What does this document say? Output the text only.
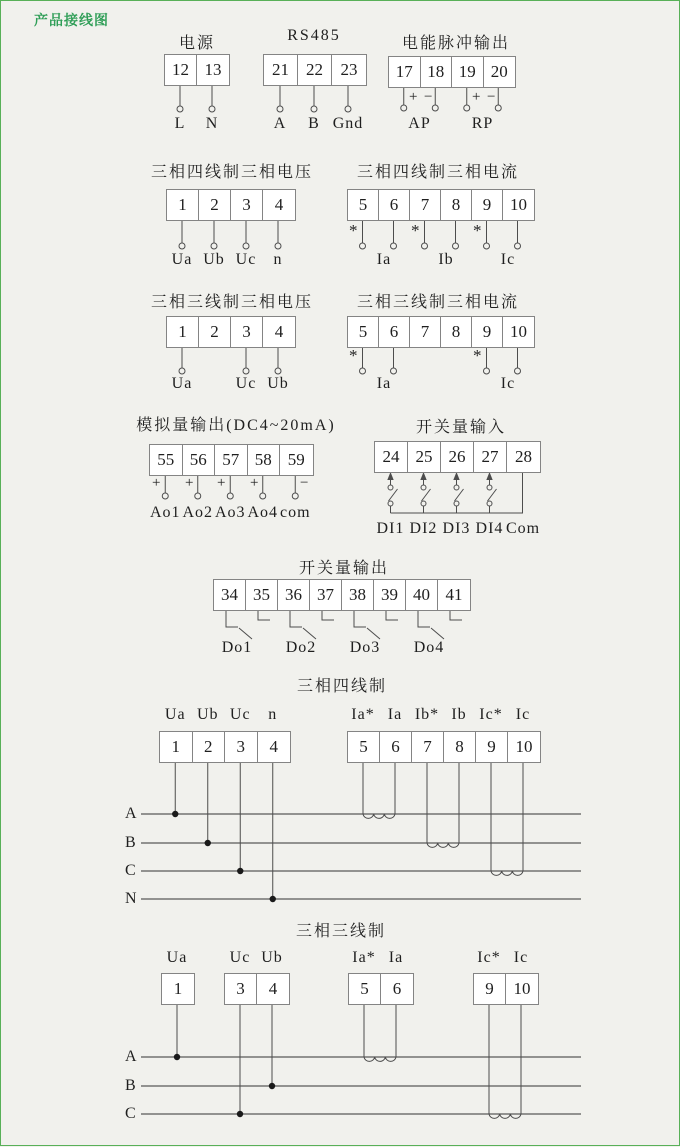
产品接线图
电源
12 13
L	N
RS485
21	22	23
A	B Gnd
电能脉冲输出
17 18 19 20
+ −	+ −
AP	RP
三相四线制三相电压
1	2	3	4
Ua Ub Uc	n
三相四线制三相电流
5	6	7	8	9	10
*	*	*
Ia	Ib	Ic
三相三线制三相电压
1	2	3	4
Ua	Uc Ub
三相三线制三相电流
5	6	7	8	9	10
*	*
Ia	Ic
模拟量输出(DC4~20mA)
55 56 57 58 59
+ + + +	−
Ao1 Ao2 Ao3 Ao4 com
开关量输入
24 25 26 27 28
DI1 DI2 DI3 DI4 Com
开关量输出
34 35 36 37 38 39 40 41
Do1	Do2	Do3	Do4
三相四线制
Ua Ub Uc	n
1	2	3	4
Ia* Ia Ib* Ib Ic* Ic
5	6	7	8	9	10
A
B
C
N
三相三线制
Ua
1
Uc Ub
3	4
Ia* Ia
5	6
Ic* Ic
9	10
A
B
C
